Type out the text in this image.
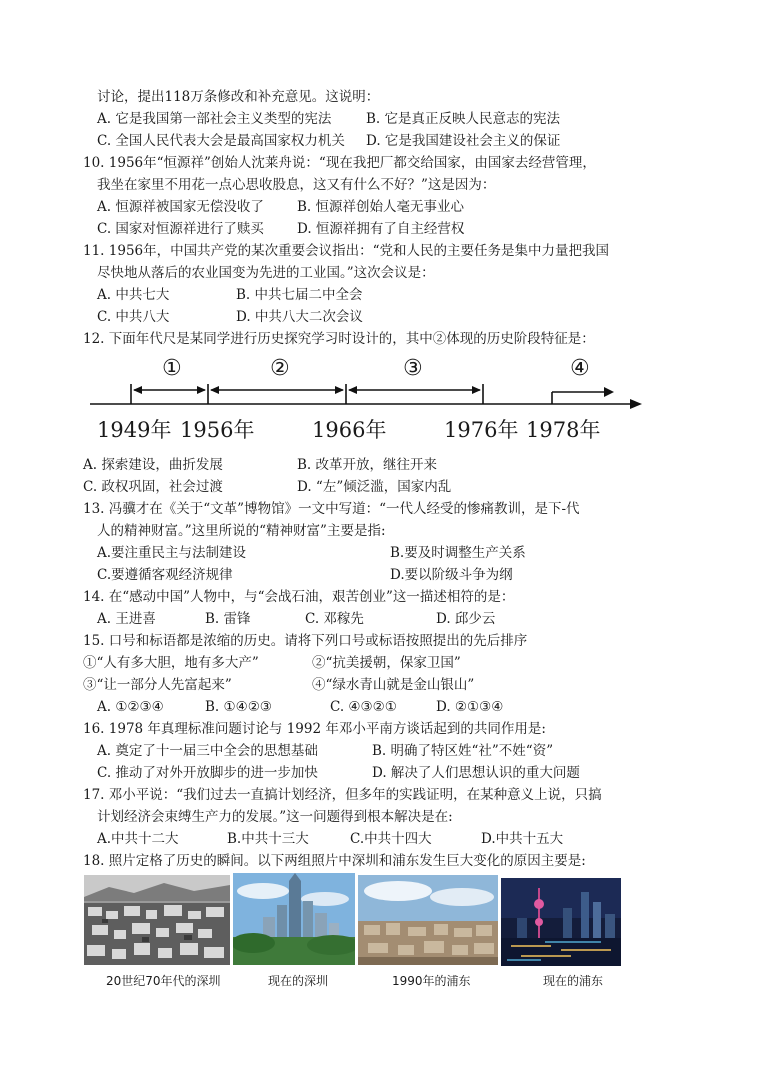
讨论，提出118万条修改和补充意见。这说明：
A. 它是我国第一部社会主义类型的宪法	B. 它是真正反映人民意志的宪法
C. 全国人民代表大会是最高国家权力机关 D. 它是我国建设社会主义的保证
10. 1956年“恒源祥”创始人沈莱舟说：“现在我把厂都交给国家，由国家去经营管理，
我坐在家里不用花一点心思收股息，这又有什么不好？”这是因为：
A. 恒源祥被国家无偿没收了 B. 恒源祥创始人毫无事业心
C. 国家对恒源祥进行了赎买 D. 恒源祥拥有了自主经营权
11. 1956年，中国共产党的某次重要会议指出：“党和人民的主要任务是集中力量把我国
尽快地从落后的农业国变为先进的工业国。”这次会议是：
A. 中共七大	B. 中共七届二中全会
C. 中共八大	D. 中共八大二次会议
12. 下面年代尺是某同学进行历史探究学习时设计的，其中②体现的历史阶段特征是：
①	②	③	④
1949年 1956年	1966年	1976年 1978年
A. 探索建设，曲折发展	B. 改革开放，继往开来
C. 政权巩固，社会过渡	D. “左”倾泛滥，国家内乱
13. 冯骥才在《关于“文革”博物馆》一文中写道：“一代人经受的惨痛教训，是下-代
人的精神财富。”这里所说的“精神财富”主要是指:
A.要注重民主与法制建设	B.要及时调整生产关系
C.要遵循客观经济规律	D.要以阶级斗争为纲
14. 在“感动中国”人物中，与“会战石油，艰苦创业”这一描述相符的是：
A. 王进喜	B. 雷锋	C. 邓稼先	D. 邱少云
15. 口号和标语都是浓缩的历史。请将下列口号或标语按照提出的先后排序
①“人有多大胆，地有多大产”	②“抗美援朝，保家卫国”
③“让一部分人先富起来”	④“绿水青山就是金山银山”
A. ①②③④	B. ①④②③	C. ④③②①	D. ②①③④
16. 1978 年真理标准问题讨论与 1992 年邓小平南方谈话起到的共同作用是:
A. 奠定了十一届三中全会的思想基础	B. 明确了特区姓“社”不姓“资”
C. 推动了对外开放脚步的进一步加快	D. 解决了人们思想认识的重大问题
17. 邓小平说：“我们过去一直搞计划经济，但多年的实践证明，在某种意义上说，只搞
计划经济会束缚生产力的发展。”这一问题得到根本解决是在:
A.中共十二大	B.中共十三大	C.中共十四大	D.中共十五大
18. 照片定格了历史的瞬间。以下两组照片中深圳和浦东发生巨大变化的原因主要是:
20世纪70年代的深圳	现在的深圳	1990年的浦东	现在的浦东
